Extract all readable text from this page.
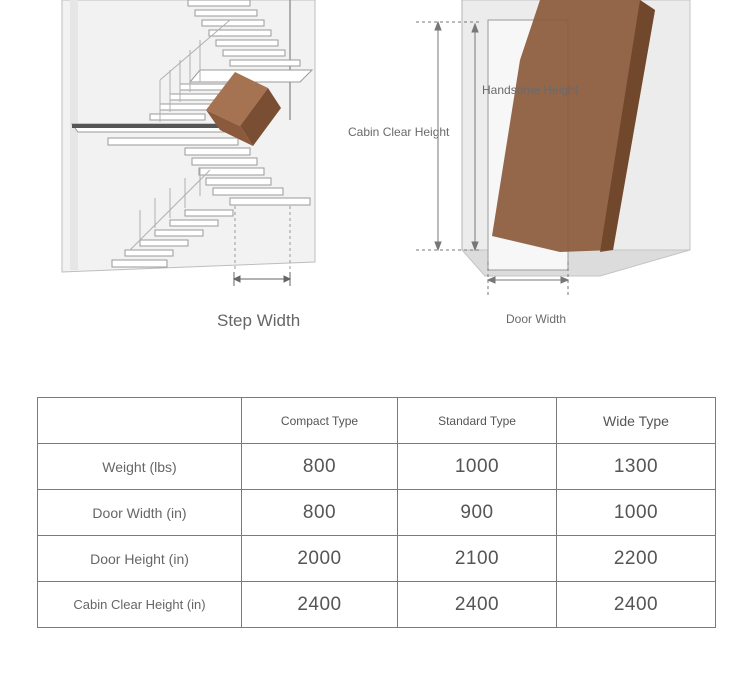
Step Width	Door Width
Cabin Clear Height
Handsome Height
	Compact Type	Standard Type	Wide Type
Weight (lbs)	800	1000	1300
Door Width (in)	800	900	1000
Door Height (in)	2000	2100	2200
Cabin Clear Height (in)	2400	2400	2400
